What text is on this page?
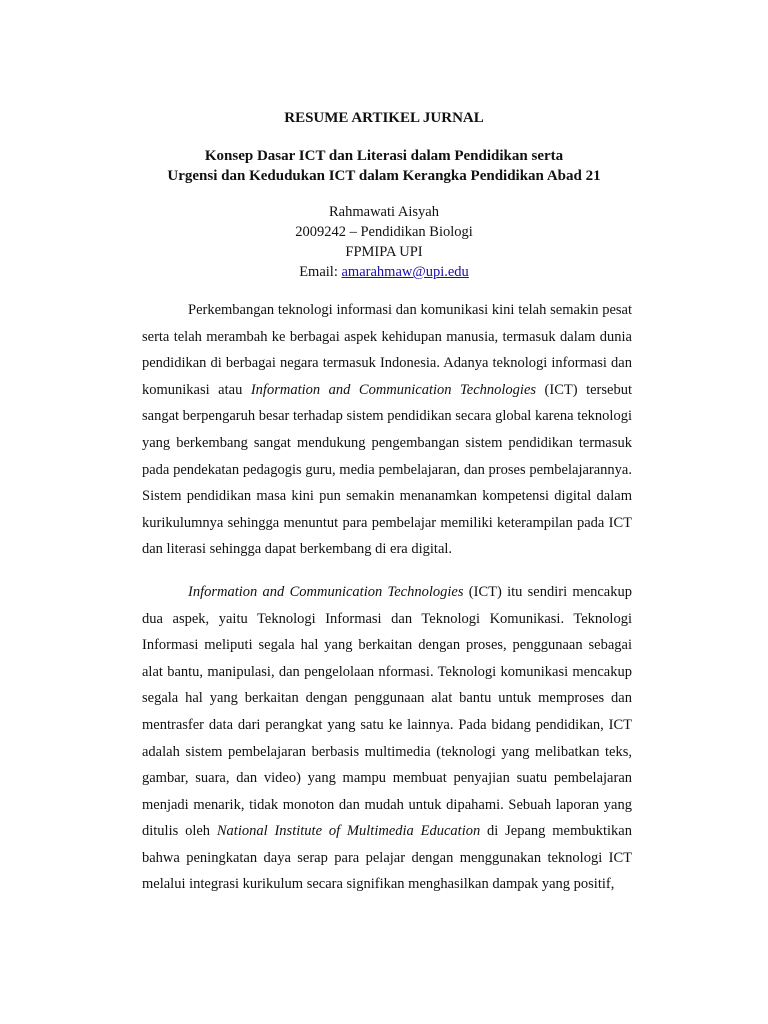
RESUME ARTIKEL JURNAL
Konsep Dasar ICT dan Literasi dalam Pendidikan serta
Urgensi dan Kedudukan ICT dalam Kerangka Pendidikan Abad 21
Rahmawati Aisyah
2009242 – Pendidikan Biologi
FPMIPA UPI
Email: amarahmaw@upi.edu

Perkembangan teknologi informasi dan komunikasi kini telah semakin pesat serta telah merambah ke berbagai aspek kehidupan manusia, termasuk dalam dunia pendidikan di berbagai negara termasuk Indonesia. Adanya teknologi informasi dan komunikasi atau Information and Communication Technologies (ICT) tersebut sangat berpengaruh besar terhadap sistem pendidikan secara global karena teknologi yang berkembang sangat mendukung pengembangan sistem pendidikan termasuk pada pendekatan pedagogis guru, media pembelajaran, dan proses pembelajarannya. Sistem pendidikan masa kini pun semakin menanamkan kompetensi digital dalam kurikulumnya sehingga menuntut para pembelajar memiliki keterampilan pada ICT dan literasi sehingga dapat berkembang di era digital.

Information and Communication Technologies (ICT) itu sendiri mencakup dua aspek, yaitu Teknologi Informasi dan Teknologi Komunikasi. Teknologi Informasi meliputi segala hal yang berkaitan dengan proses, penggunaan sebagai alat bantu, manipulasi, dan pengelolaan nformasi. Teknologi komunikasi mencakup segala hal yang berkaitan dengan penggunaan alat bantu untuk memproses dan mentrasfer data dari perangkat yang satu ke lainnya. Pada bidang pendidikan, ICT adalah sistem pembelajaran berbasis multimedia (teknologi yang melibatkan teks, gambar, suara, dan video) yang mampu membuat penyajian suatu pembelajaran menjadi menarik, tidak monoton dan mudah untuk dipahami. Sebuah laporan yang ditulis oleh National Institute of Multimedia Education di Jepang membuktikan bahwa peningkatan daya serap para pelajar dengan menggunakan teknologi ICT melalui integrasi kurikulum secara signifikan menghasilkan dampak yang positif,
